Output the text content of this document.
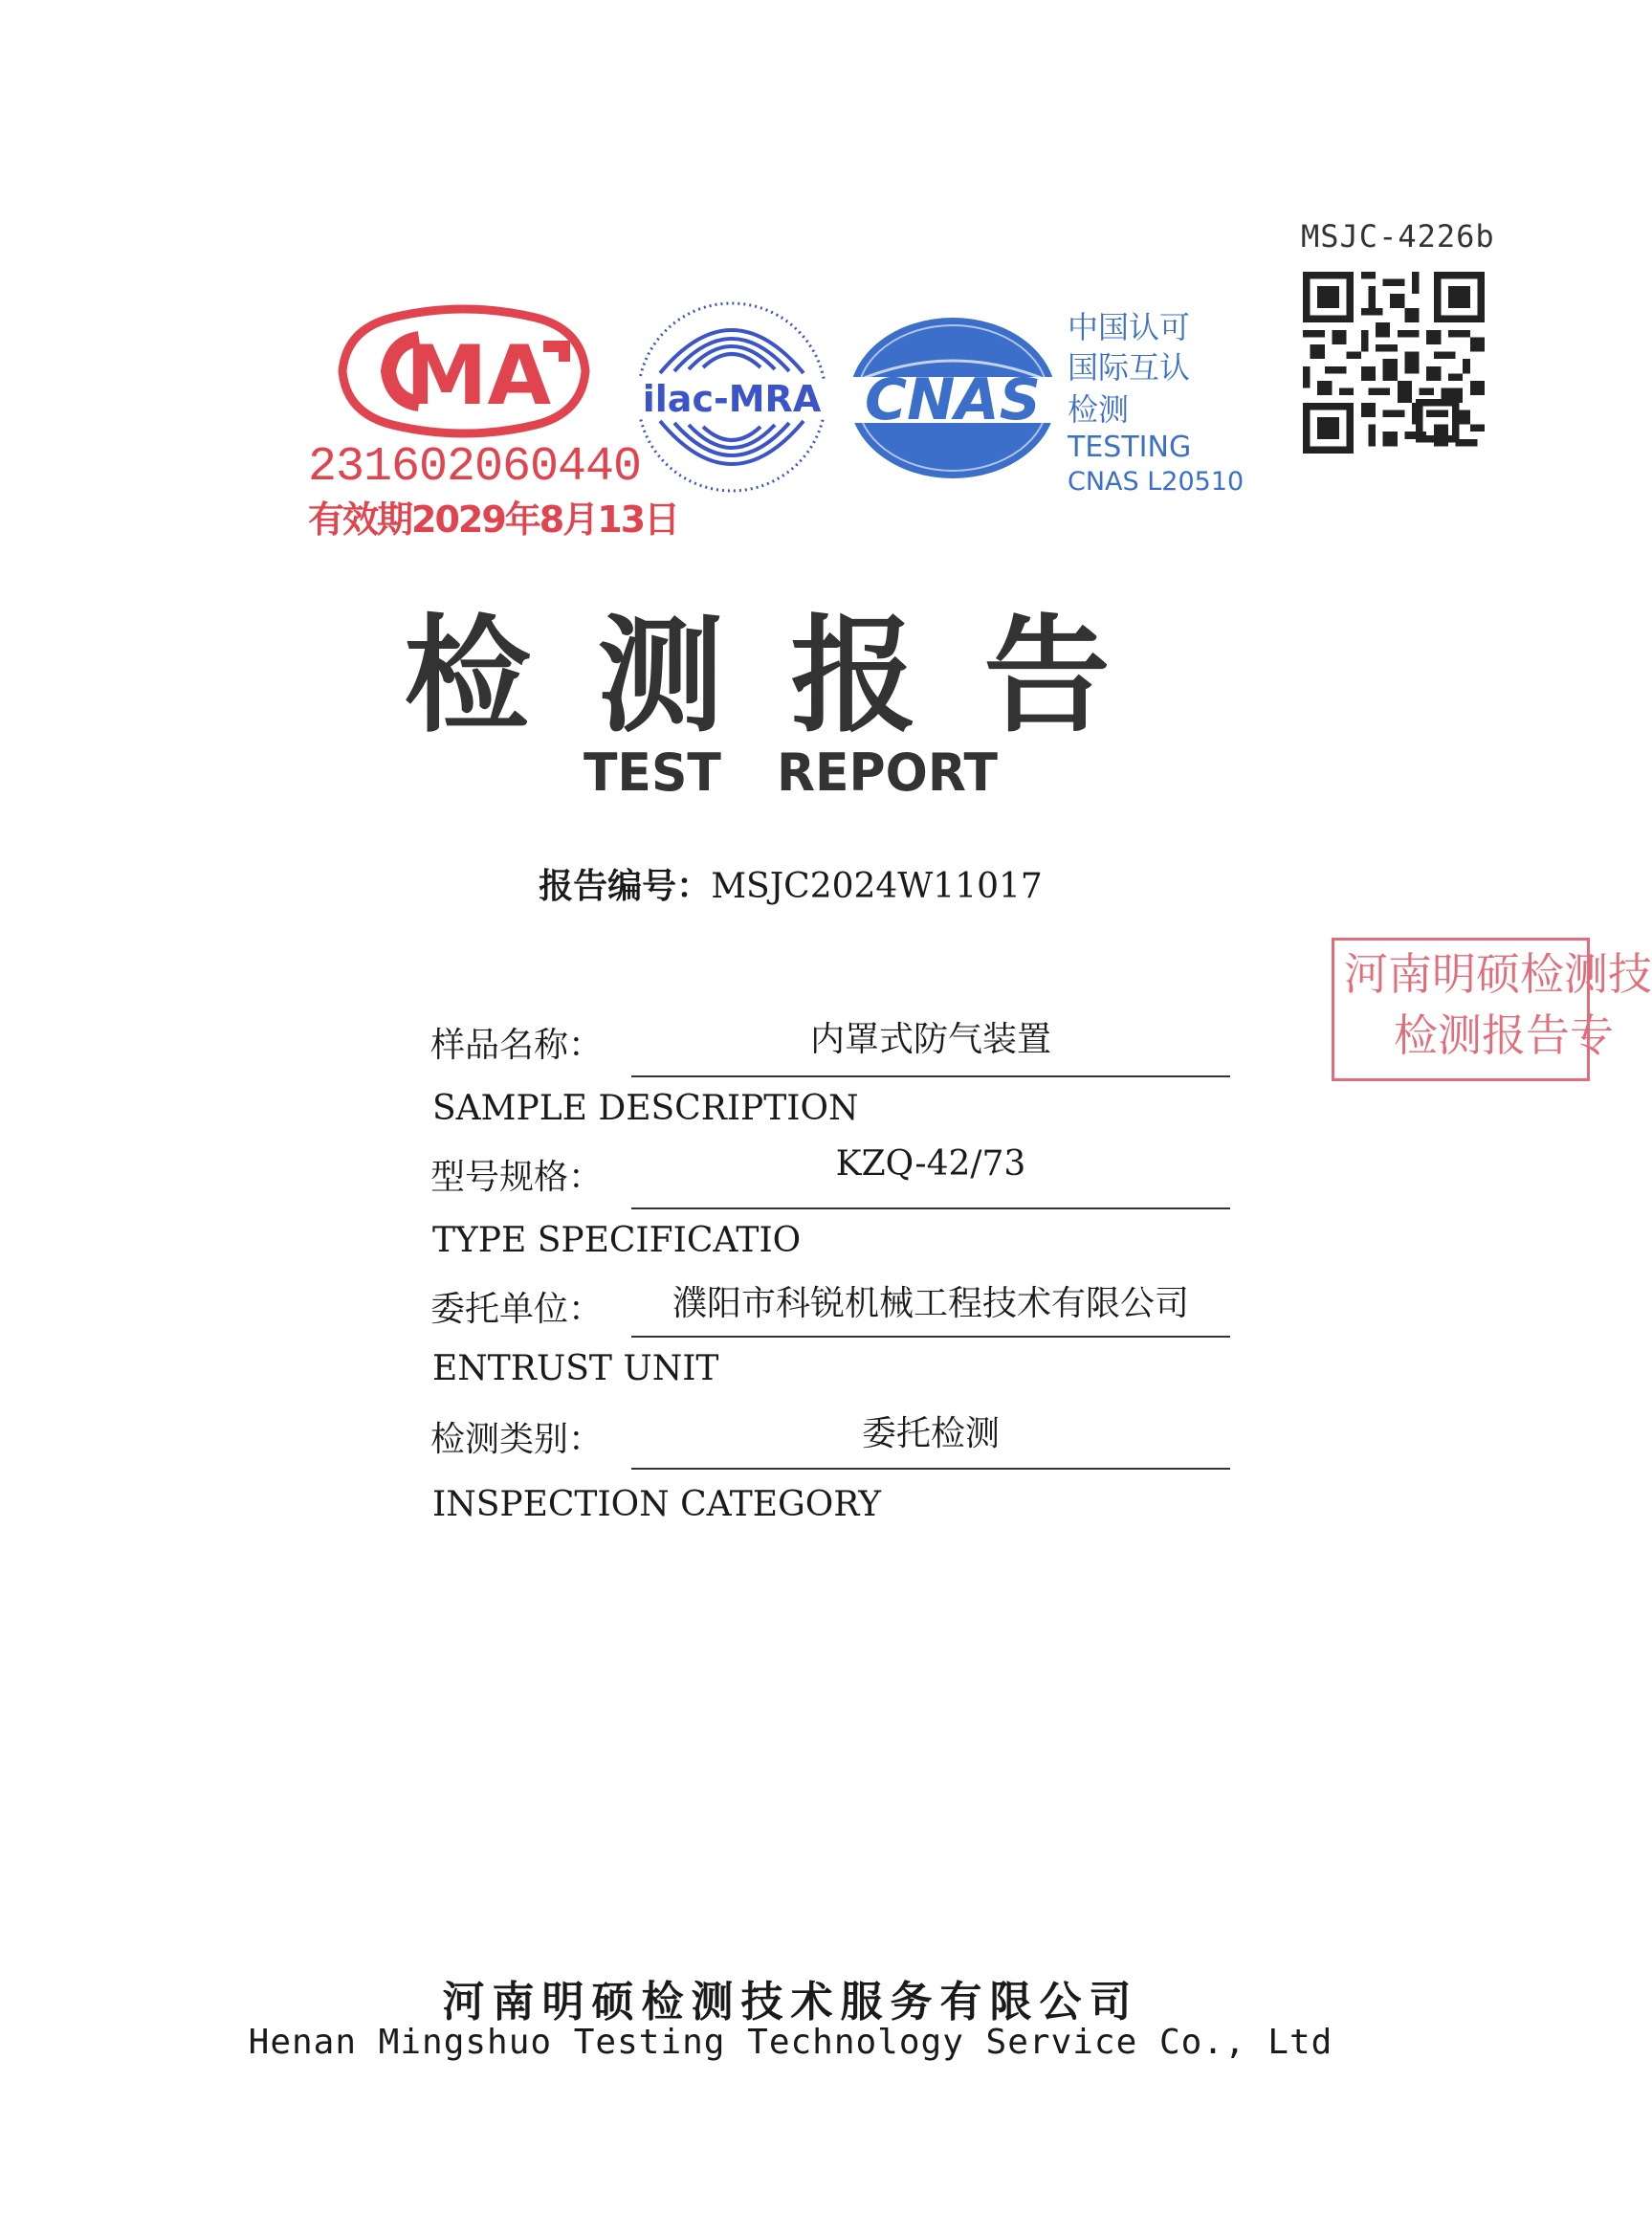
MSJC-4226b
MA
231602060440
有效期2029年8月13日
ilac-MRA CNAS
中国认可
国际互认
检测
TESTING
CNAS L20510
检测报告
TEST REPORT
报告编号：MSJC2024W11017
河南明硕检测技
检测报告专
样品名称：	内罩式防气装置
SAMPLE DESCRIPTION
型号规格：	KZQ-42/73
TYPE SPECIFICATIO
委托单位：	濮阳市科锐机械工程技术有限公司
ENTRUST UNIT
检测类别：	委托检测
INSPECTION CATEGORY
河南明硕检测技术服务有限公司
Henan Mingshuo Testing Technology Service Co., Ltd
